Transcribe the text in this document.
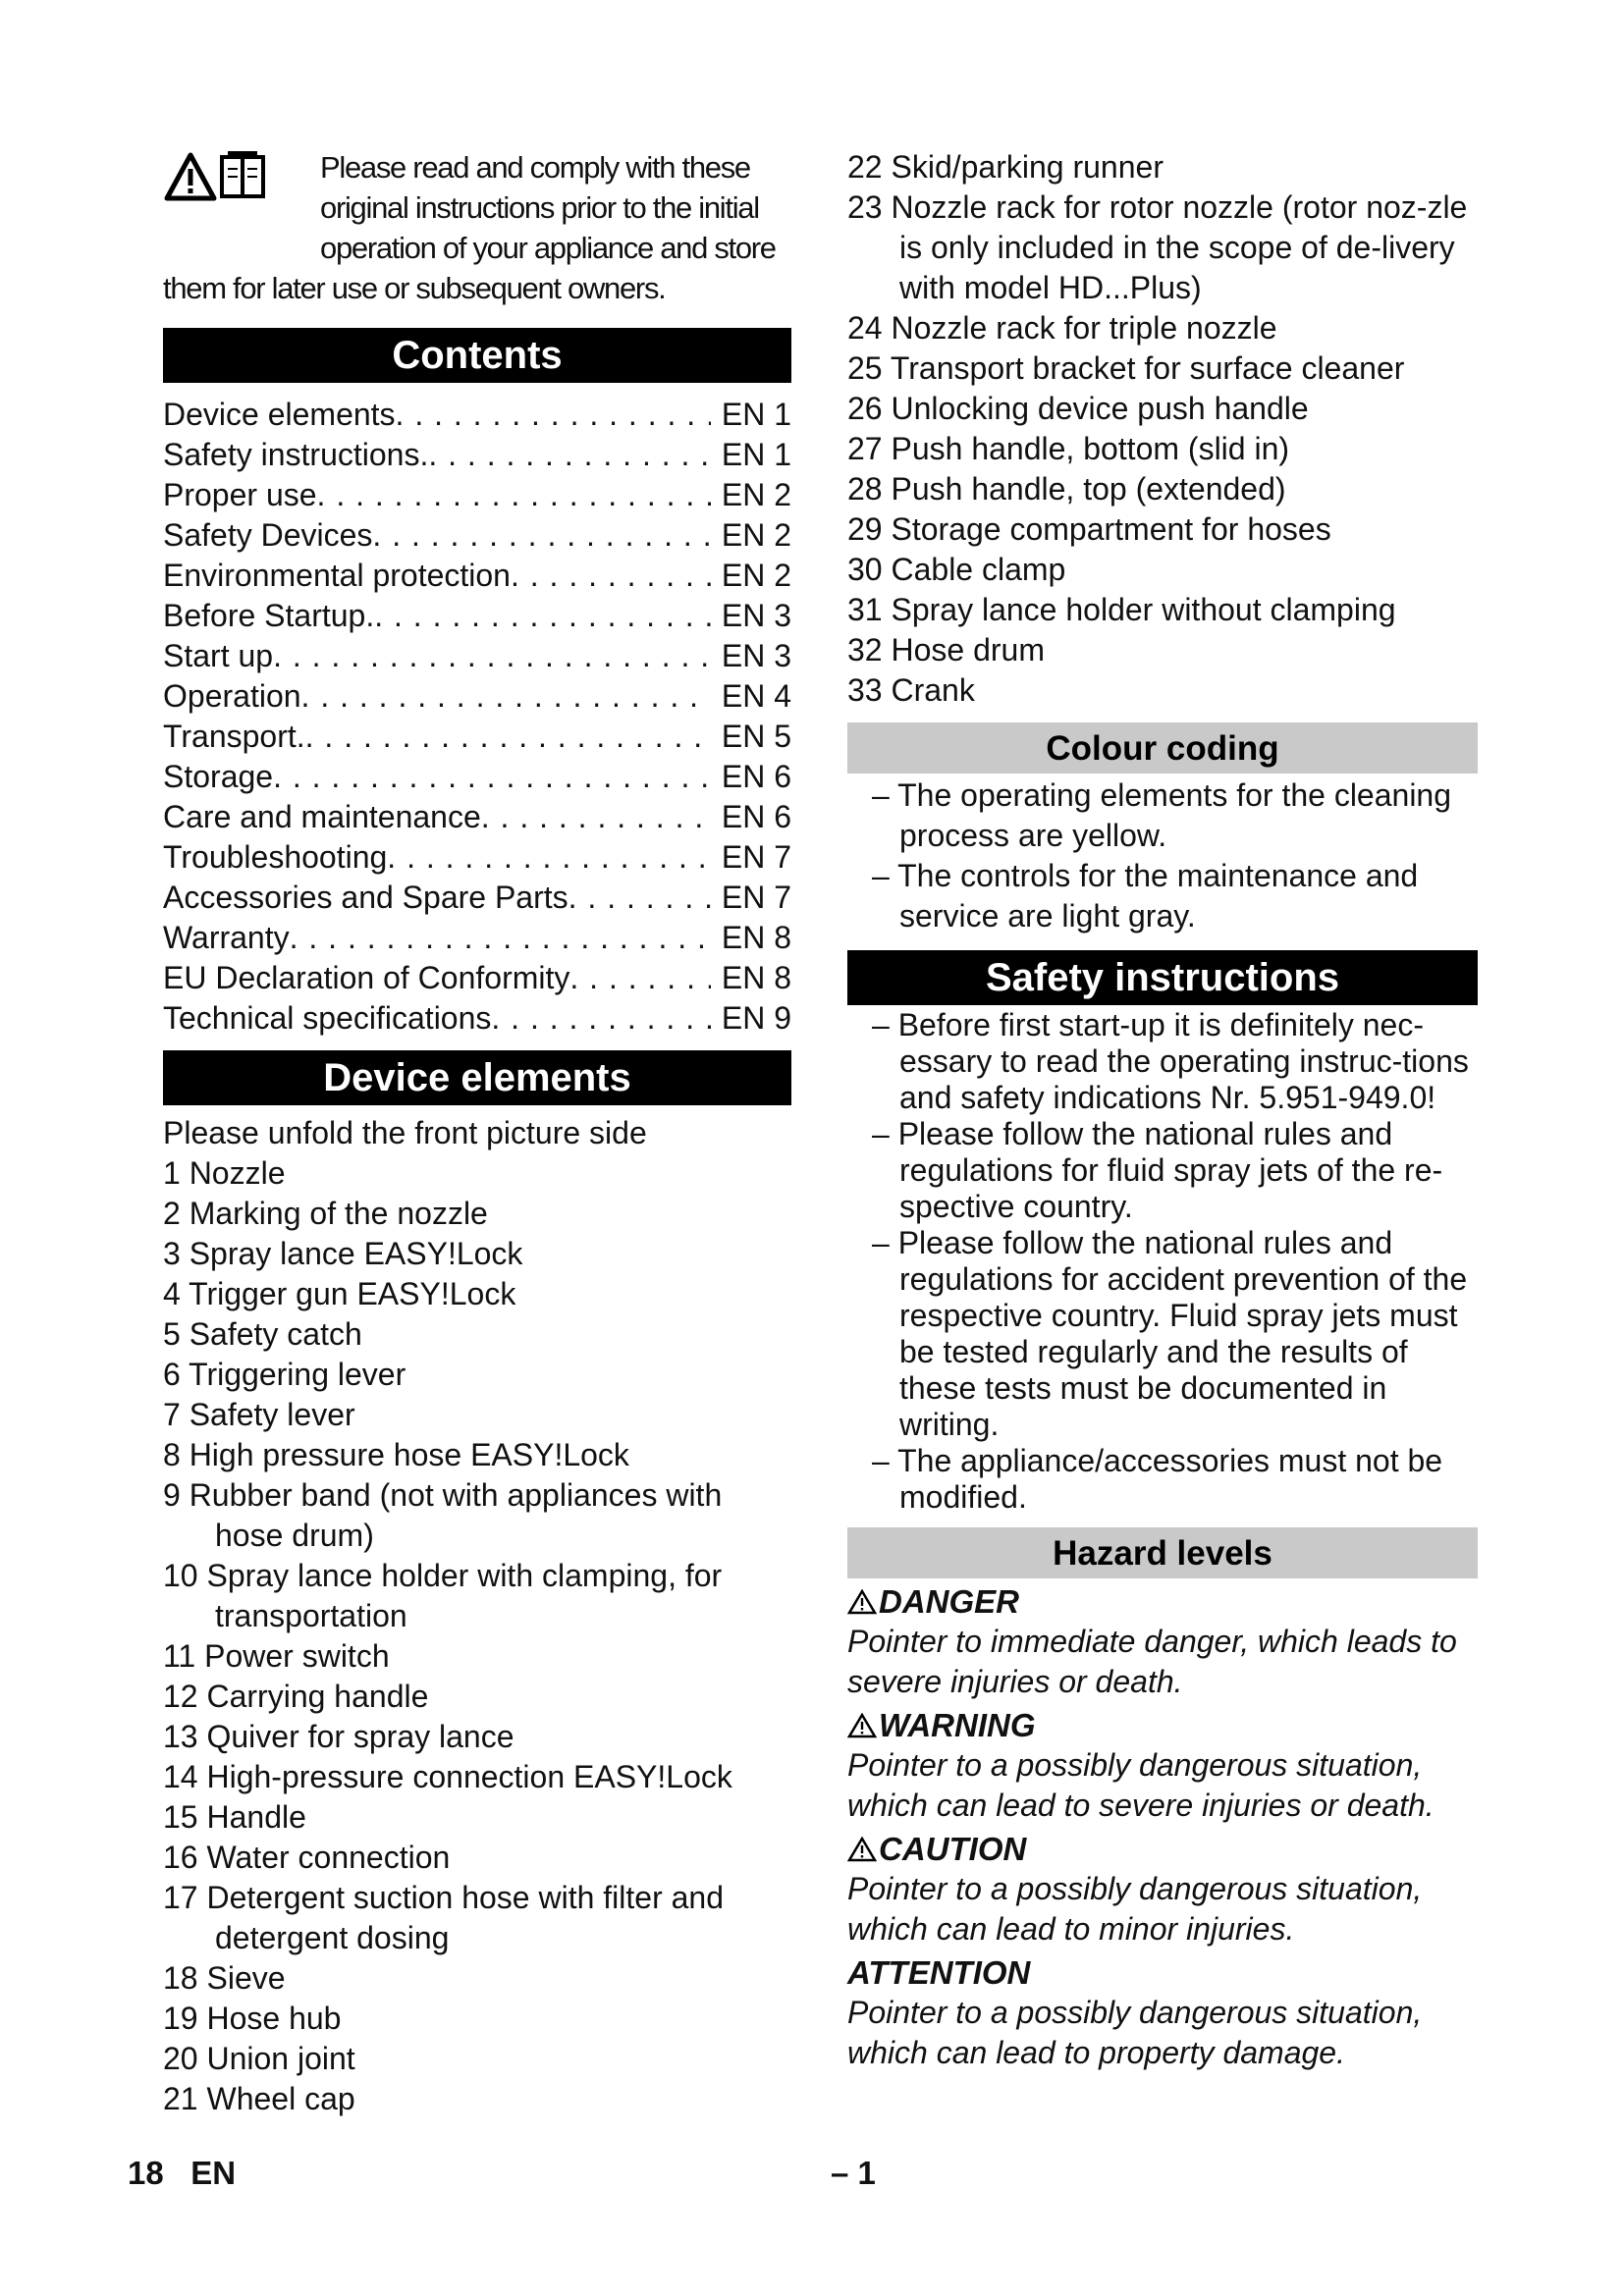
Please read and comply with these original instructions prior to the initial operation of your appliance and store them for later use or subsequent owners.
Contents
Device elements . . .	EN 1
Safety instructions. . . .	EN 1
Proper use . . .	EN 2
Safety Devices . . .	EN 2
Environmental protection . . .	EN 2
Before Startup. . . .	EN 3
Start up . . .	EN 3
Operation . . .	EN 4
Transport. . . .	EN 5
Storage . . .	EN 6
Care and maintenance . . .	EN 6
Troubleshooting . . .	EN 7
Accessories and Spare Parts . . .	EN 7
Warranty . . .	EN 8
EU Declaration of Conformity . . .	EN 8
Technical specifications . . .	EN 9
Device elements
Please unfold the front picture side
1 Nozzle
2 Marking of the nozzle
3 Spray lance EASY!Lock
4 Trigger gun EASY!Lock
5 Safety catch
6 Triggering lever
7 Safety lever
8 High pressure hose EASY!Lock
9 Rubber band (not with appliances with hose drum)
10 Spray lance holder with clamping, for transportation
11 Power switch
12 Carrying handle
13 Quiver for spray lance
14 High-pressure connection EASY!Lock
15 Handle
16 Water connection
17 Detergent suction hose with filter and detergent dosing
18 Sieve
19 Hose hub
20 Union joint
21 Wheel cap
22 Skid/parking runner
23 Nozzle rack for rotor nozzle (rotor noz-zle is only included in the scope of de-livery with model HD...Plus)
24 Nozzle rack for triple nozzle
25 Transport bracket for surface cleaner
26 Unlocking device push handle
27 Push handle, bottom (slid in)
28 Push handle, top (extended)
29 Storage compartment for hoses
30 Cable clamp
31 Spray lance holder without clamping
32 Hose drum
33 Crank
Colour coding
– The operating elements for the cleaning process are yellow.
– The controls for the maintenance and service are light gray.
Safety instructions
– Before first start-up it is definitely nec-essary to read the operating instruc-tions and safety indications Nr. 5.951-949.0!
– Please follow the national rules and regulations for fluid spray jets of the re-spective country.
– Please follow the national rules and regulations for accident prevention of the respective country. Fluid spray jets must be tested regularly and the results of these tests must be documented in writing.
– The appliance/accessories must not be modified.
Hazard levels
DANGER
Pointer to immediate danger, which leads to severe injuries or death.
WARNING
Pointer to a possibly dangerous situation, which can lead to severe injuries or death.
CAUTION
Pointer to a possibly dangerous situation, which can lead to minor injuries.
ATTENTION
Pointer to a possibly dangerous situation, which can lead to property damage.
18 EN	– 1
